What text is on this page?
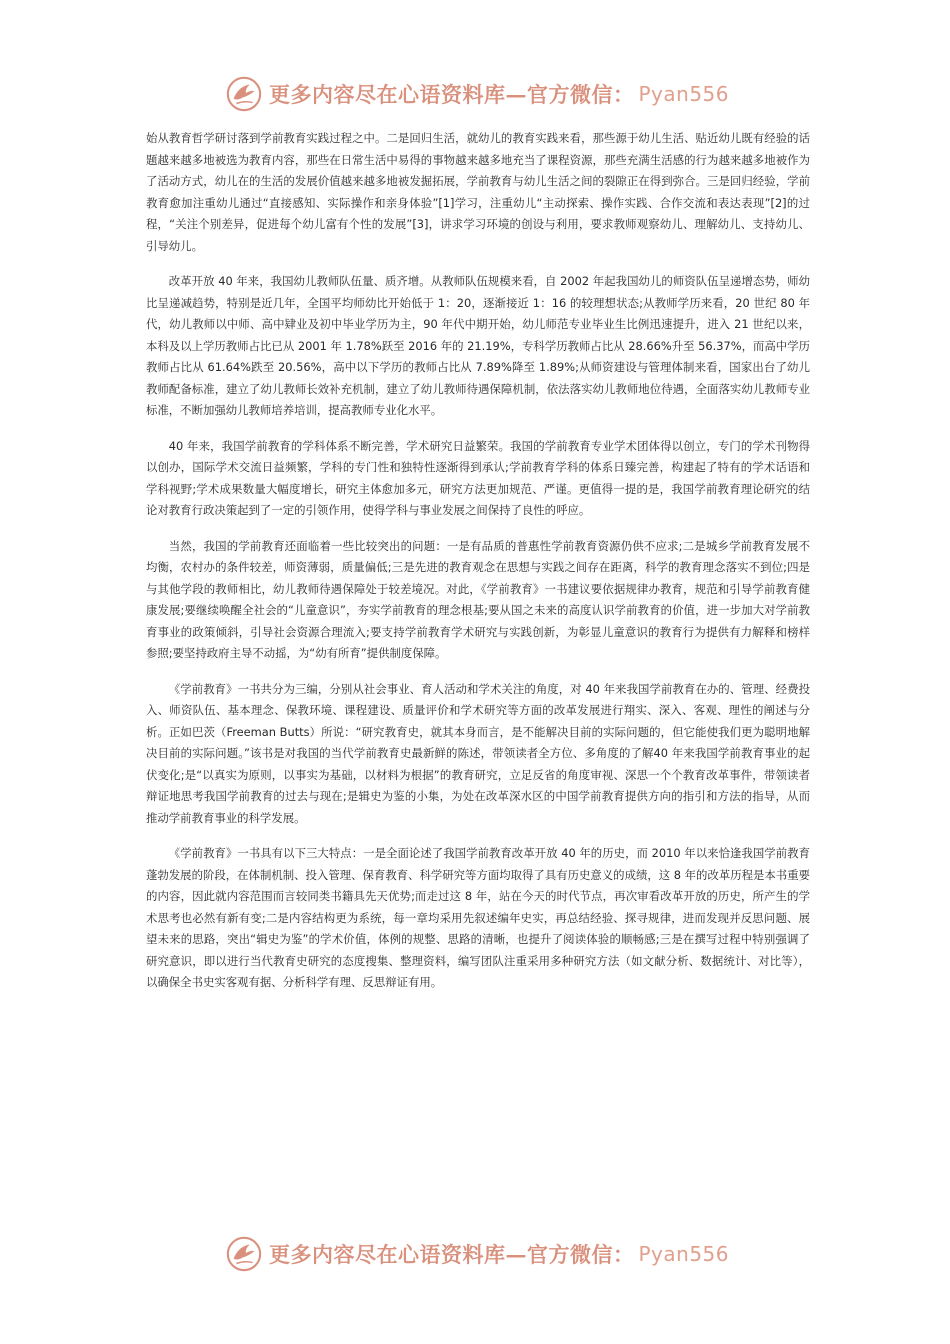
更多内容尽在心语资料库—官方微信： Pyan556

始从教育哲学研讨落到学前教育实践过程之中。二是回归生活，就幼儿的教育实践来看，那些源于幼儿生活、贴近幼儿既有经验的话题越来越多地被选为教育内容，那些在日常生活中易得的事物越来越多地充当了课程资源，那些充满生活感的行为越来越多地被作为了活动方式，幼儿在的生活的发展价值越来越多地被发掘拓展，学前教育与幼儿生活之间的裂隙正在得到弥合。三是回归经验，学前教育愈加注重幼儿通过“直接感知、实际操作和亲身体验”[1]学习，注重幼儿“主动探索、操作实践、合作交流和表达表现”[2]的过程，“关注个别差异，促进每个幼儿富有个性的发展”[3]，讲求学习环境的创设与利用，要求教师观察幼儿、理解幼儿、支持幼儿、引导幼儿。

改革开放 40 年来，我国幼儿教师队伍量、质齐增。从教师队伍规模来看，自 2002 年起我国幼儿的师资队伍呈递增态势，师幼比呈递减趋势，特别是近几年，全国平均师幼比开始低于 1：20，逐渐接近 1：16 的较理想状态;从教师学历来看，20 世纪 80 年代，幼儿教师以中师、高中肄业及初中毕业学历为主，90 年代中期开始，幼儿师范专业毕业生比例迅速提升，进入 21 世纪以来，本科及以上学历教师占比已从 2001 年 1.78%跃至 2016 年的 21.19%，专科学历教师占比从 28.66%升至 56.37%，而高中学历教师占比从 61.64%跌至 20.56%，高中以下学历的教师占比从 7.89%降至 1.89%;从师资建设与管理体制来看，国家出台了幼儿教师配备标准，建立了幼儿教师长效补充机制，建立了幼儿教师待遇保障机制，依法落实幼儿教师地位待遇，全面落实幼儿教师专业标准，不断加强幼儿教师培养培训，提高教师专业化水平。

40 年来，我国学前教育的学科体系不断完善，学术研究日益繁荣。我国的学前教育专业学术团体得以创立，专门的学术刊物得以创办，国际学术交流日益频繁，学科的专门性和独特性逐渐得到承认;学前教育学科的体系日臻完善，构建起了特有的学术话语和学科视野;学术成果数量大幅度增长，研究主体愈加多元，研究方法更加规范、严谨。更值得一提的是，我国学前教育理论研究的结论对教育行政决策起到了一定的引领作用，使得学科与事业发展之间保持了良性的呼应。

当然，我国的学前教育还面临着一些比较突出的问题：一是有品质的普惠性学前教育资源仍供不应求;二是城乡学前教育发展不均衡，农村办的条件较差，师资薄弱，质量偏低;三是先进的教育观念在思想与实践之间存在距离，科学的教育理念落实不到位;四是与其他学段的教师相比，幼儿教师待遇保障处于较差境况。对此，《学前教育》一书建议要依据规律办教育，规范和引导学前教育健康发展;要继续唤醒全社会的“儿童意识”，夯实学前教育的理念根基;要从国之未来的高度认识学前教育的价值，进一步加大对学前教育事业的政策倾斜，引导社会资源合理流入;要支持学前教育学术研究与实践创新，为彰显儿童意识的教育行为提供有力解释和榜样参照;要坚持政府主导不动摇，为“幼有所育”提供制度保障。

《学前教育》一书共分为三编，分别从社会事业、育人活动和学术关注的角度，对 40 年来我国学前教育在办的、管理、经费投入、师资队伍、基本理念、保教环境、课程建设、质量评价和学术研究等方面的改革发展进行翔实、深入、客观、理性的阐述与分析。正如巴茨（Freeman Butts）所说：“研究教育史，就其本身而言，是不能解决目前的实际问题的，但它能使我们更为聪明地解决目前的实际问题。”该书是对我国的当代学前教育史最新鲜的陈述，带领读者全方位、多角度的了解40 年来我国学前教育事业的起伏变化;是“以真实为原则，以事实为基础，以材料为根据”的教育研究，立足反省的角度审视、深思一个个教育改革事件，带领读者辩证地思考我国学前教育的过去与现在;是辑史为鉴的小集，为处在改革深水区的中国学前教育提供方向的指引和方法的指导，从而推动学前教育事业的科学发展。

《学前教育》一书具有以下三大特点：一是全面论述了我国学前教育改革开放 40 年的历史，而 2010 年以来恰逢我国学前教育蓬勃发展的阶段，在体制机制、投入管理、保育教育、科学研究等方面均取得了具有历史意义的成绩，这 8 年的改革历程是本书重要的内容，因此就内容范围而言较同类书籍具先天优势;而走过这 8 年，站在今天的时代节点，再次审看改革开放的历史，所产生的学术思考也必然有新有变;二是内容结构更为系统，每一章均采用先叙述编年史实，再总结经验、探寻规律，进而发现并反思问题、展望未来的思路，突出“辑史为鉴”的学术价值，体例的规整、思路的清晰，也提升了阅读体验的顺畅感;三是在撰写过程中特别强调了研究意识，即以进行当代教育史研究的态度搜集、整理资料，编写团队注重采用多种研究方法（如文献分析、数据统计、对比等），以确保全书史实客观有据、分析科学有理、反思辩证有用。

更多内容尽在心语资料库—官方微信： Pyan556
